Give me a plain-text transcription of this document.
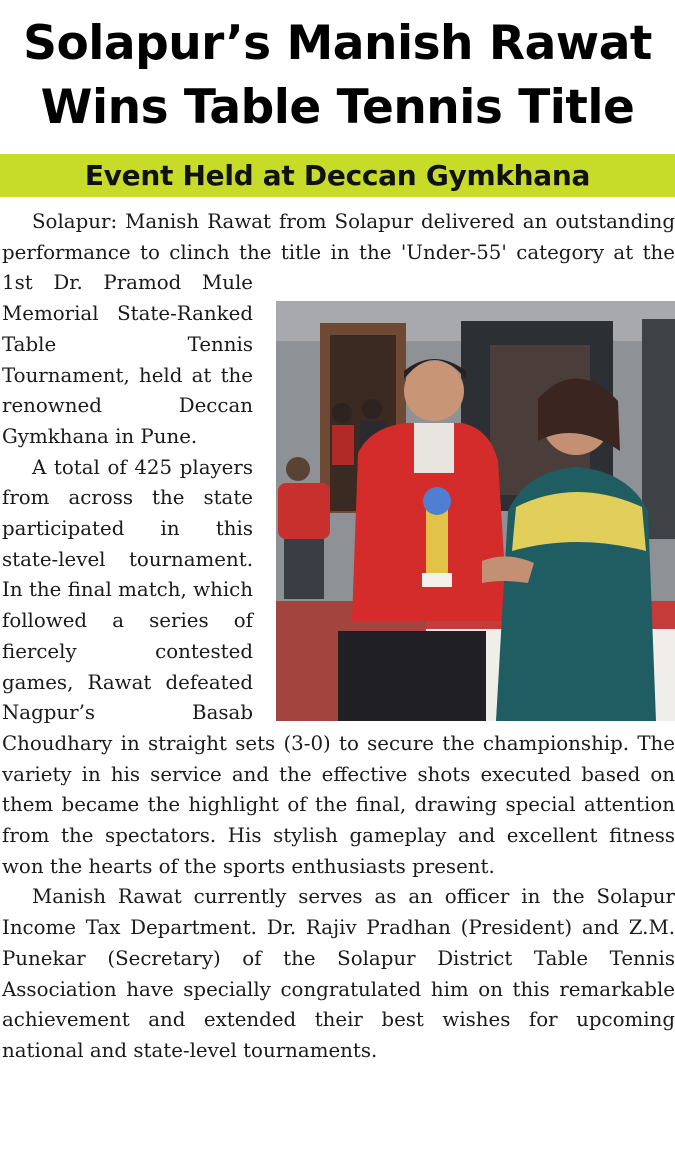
Solapur’s Manish Rawat
Wins Table Tennis Title
Event Held at Deccan Gymkhana

Solapur: Manish Rawat from Solapur delivered an outstanding performance to clinch the title in the 'Under-55' category at the 1st Dr. Pramod Mule Memorial State-Ranked Table Tennis Tournament, held at the renowned Deccan Gymkhana in Pune.

A total of 425 players from across the state participated in this state-level tournament. In the final match, which followed a series of fiercely contested games, Rawat defeated Nagpur’s Basab Choudhary in straight sets (3-0) to secure the championship. The variety in his service and the effective shots executed based on them became the highlight of the final, drawing special attention from the spectators. His stylish gameplay and excellent fitness won the hearts of the sports enthusiasts present.

Manish Rawat currently serves as an officer in the Solapur Income Tax Department. Dr. Rajiv Pradhan (President) and Z.M. Punekar (Secretary) of the Solapur District Table Tennis Association have specially congratulated him on this remarkable achievement and extended their best wishes for upcoming national and state-level tournaments.
